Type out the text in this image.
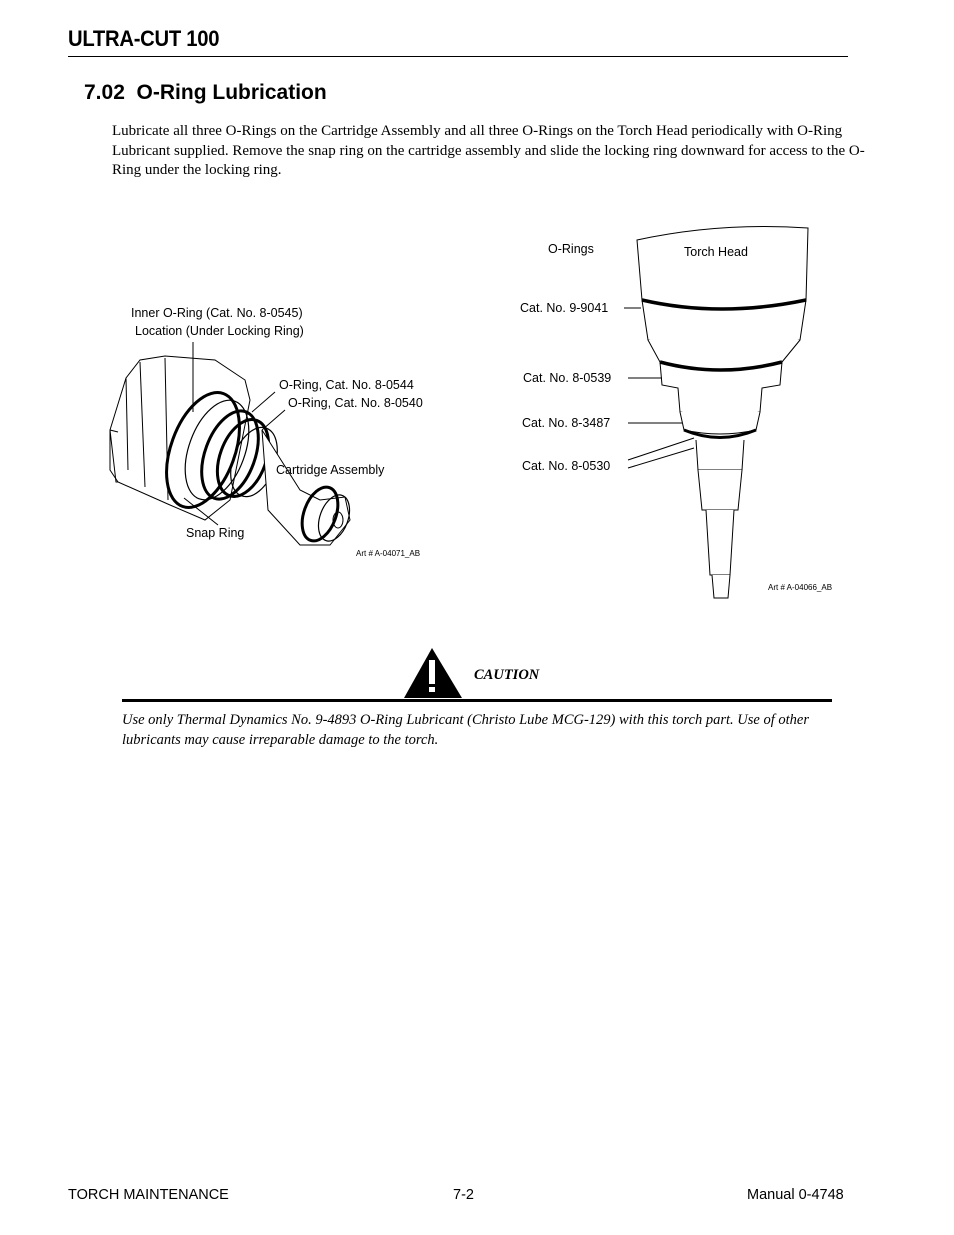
ULTRA-CUT 100
7.02 O-Ring Lubrication
Lubricate all three O-Rings on the Cartridge Assembly and all three O-Rings on the Torch Head periodically with O-Ring Lubricant supplied. Remove the snap ring on the cartridge assembly and slide the locking ring downward for access to the O-Ring under the locking ring.
Inner O-Ring (Cat. No. 8-0545)
Location (Under Locking Ring)
O-Ring, Cat. No. 8-0544
O-Ring, Cat. No. 8-0540
Cartridge Assembly
Snap Ring
Art # A-04071_AB
O-Rings	Torch Head
Cat. No. 9-9041
Cat. No. 8-0539
Cat. No. 8-3487
Cat. No. 8-0530
Art # A-04066_AB
CAUTION
Use only Thermal Dynamics No. 9-4893 O-Ring Lubricant (Christo Lube MCG-129) with this torch part. Use of other lubricants may cause irreparable damage to the torch.
TORCH MAINTENANCE	7-2	Manual 0-4748
